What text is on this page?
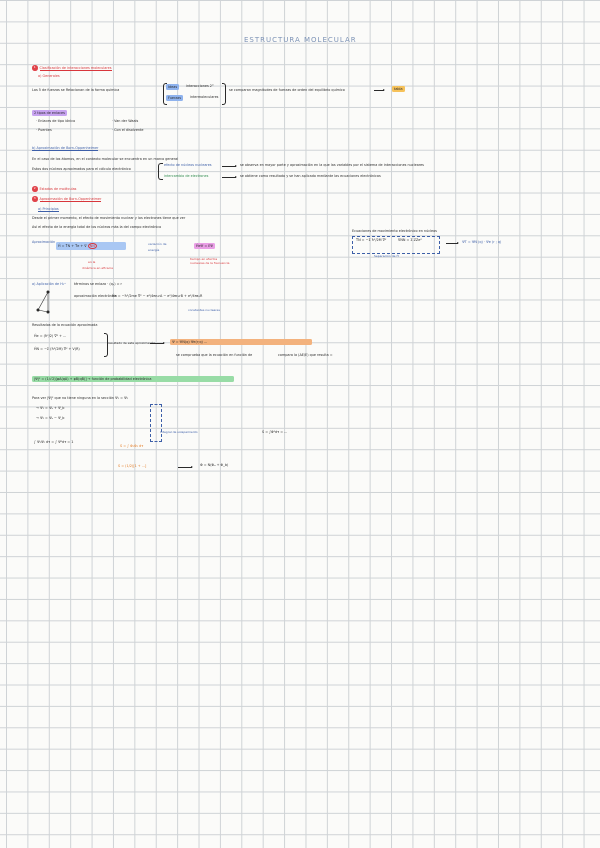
ESTRUCTURA MOLECULAR
1 Clasificación de interacciones moleculares
a) Generales
Las 5 de fuerzas se Relacionan de la forma química
Ideas	interacciones 2°
Fuerzas	intermoleculares
se comparan magnitudes de fuerzas de orden del equilibrio químico	tabla
2 tipos de enlaces
· Enlaces de tipo iónico
· Puentes
· Van der Waals
· Con el disolvente
b) Aproximación de Born-Oppenheimer
En el caso de los átomos, en el contexto molecular se encuentra en un marco general
Estos dos núcleos aproximados para el cálculo electrónico
efecto de núcleos nucleares
intercambio de electrones
se observa en mayor parte y aproximación en la que las variables por el sistema de interacciones nucleares
se obtiene como resultado y se han aplicado mediante las ecuaciones electrónicas
2 Estados de moléculas
3 Aproximación de Born-Oppenheimer
a) Principios
Desde el primer momento, el efecto de movimiento nuclear y los electrones tiene que ver
Así el efecto de la energía total de los núcleos más la del campo electrónico
Aproximación
Ĥ = T̂N + T̂e + V̂ NN
en la
dinámica en eficacia
variación de
energía
ĤeΨ = EΨ
tiempo en efectos nucleares de la frecuencia
Ecuaciones de movimiento electrónico en núcleos
T̂N = −Σ ħ²/2M ∇²	V̂NN = Σ ZZe²	ΨT = ΨN (q) · Ψe (r ; q)
Separación de Ĥ
a) Aplicación de H₂⁺ términos se enlaza · (qₑ) ≈ r
aproximación electrónica
Ĥe = −ħ²/2me ∇² − e²/4πε₀rA − e²/4πε₀rB + e²/4πε₀R
constantes nucleares
Resultados de la ecuación aproximada
Ĥe = (ħ²/2) ∇² + ...
ĤN = −Σ (ħ²/2M) ∇² + V(R)
resultado de esta aproximación	Ψ = ΨN(q) Ψe(r;q) ...
se comprueba que la ecuación en función de	compara la (ΔE/E) que resulta =
|Ψ|² = (1/√2)[φA(qA) + φB(qB)] → función de probabilidad electrónica
Para ver |Ψ|² que no tiene ninguna en la sección Ψ₁ = Ψ₂
→ Ψ₁ = Ψₐ + Ψ_b
→ Ψ₂ = Ψₐ − Ψ_b
∫ Ψ₁Ψ₂ dτ = ∫ Ψ²dτ = 1
Integral de solapamiento	S = ∫Φ²dτ = ...
S = ∫ Φ₁Φ₂ dτ
S = (1/2)[1 + ...]	Φ = N(Φₐ + Φ_b)
